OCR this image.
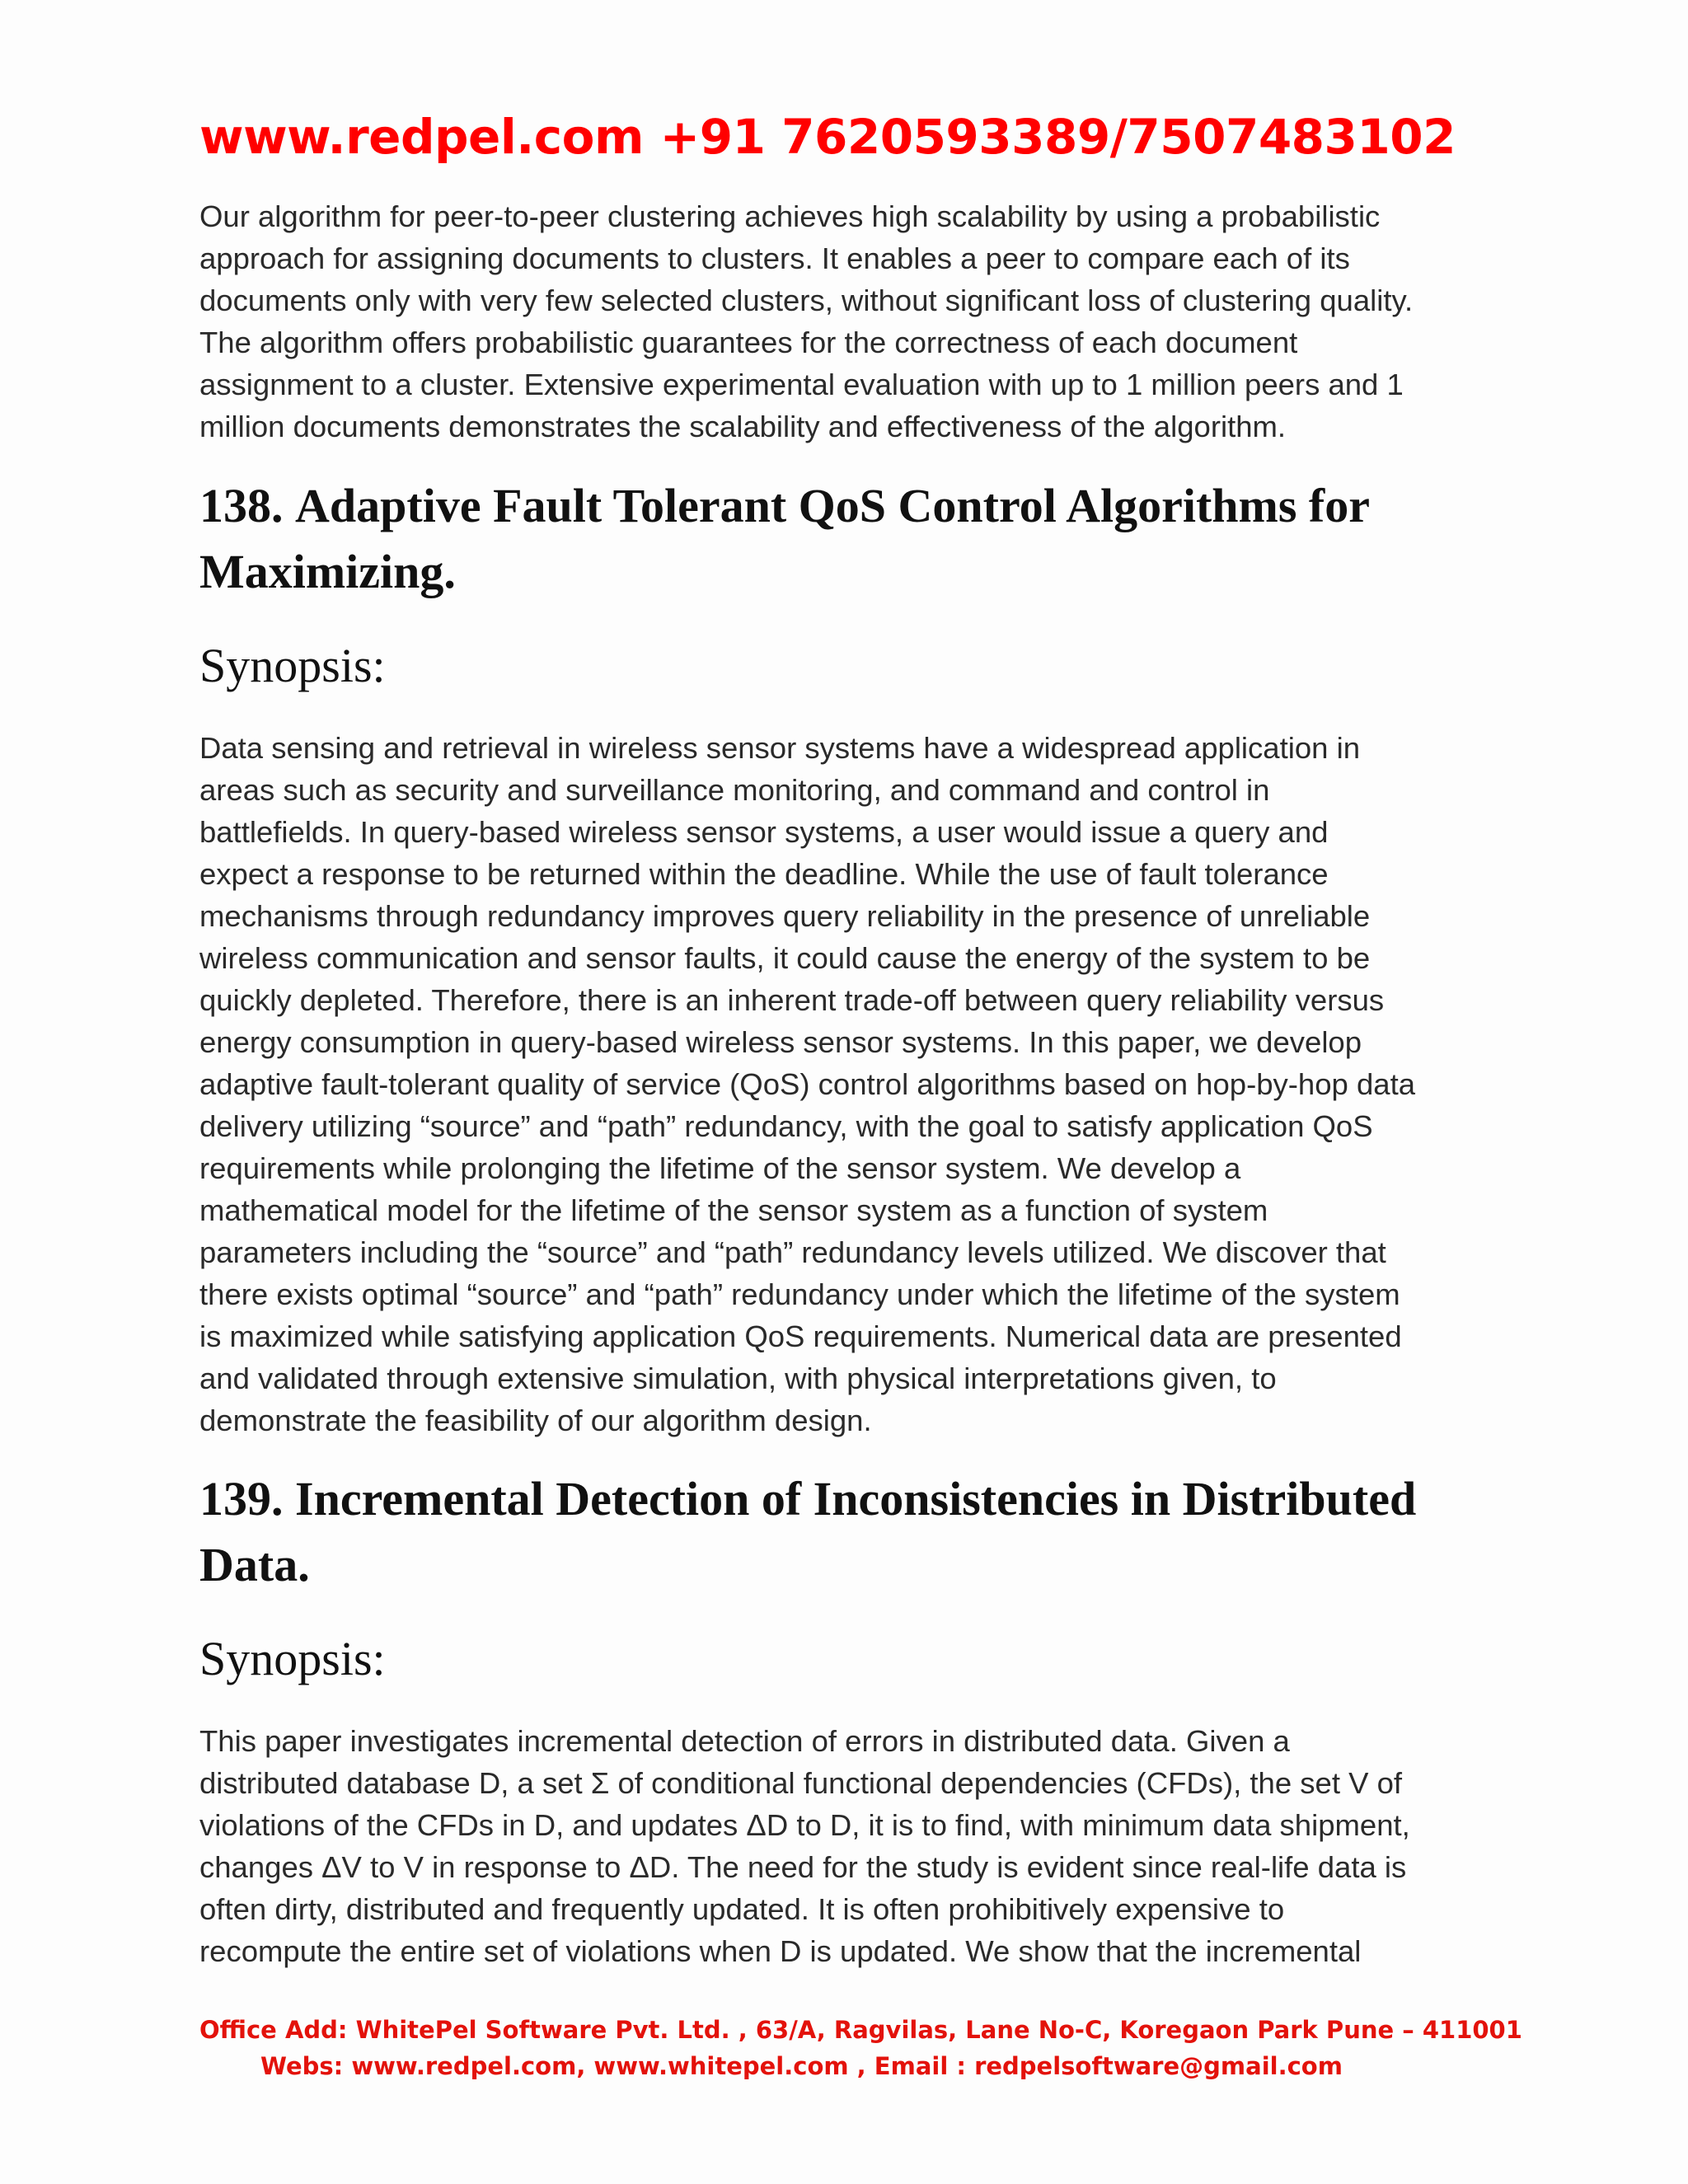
www.redpel.com +91 7620593389/7507483102
Our algorithm for peer-to-peer clustering achieves high scalability by using a probabilistic
approach for assigning documents to clusters. It enables a peer to compare each of its
documents only with very few selected clusters, without significant loss of clustering quality.
The algorithm offers probabilistic guarantees for the correctness of each document
assignment to a cluster. Extensive experimental evaluation with up to 1 million peers and 1
million documents demonstrates the scalability and effectiveness of the algorithm.
138. Adaptive Fault Tolerant QoS Control Algorithms for
Maximizing.
Synopsis:
Data sensing and retrieval in wireless sensor systems have a widespread application in
areas such as security and surveillance monitoring, and command and control in
battlefields. In query-based wireless sensor systems, a user would issue a query and
expect a response to be returned within the deadline. While the use of fault tolerance
mechanisms through redundancy improves query reliability in the presence of unreliable
wireless communication and sensor faults, it could cause the energy of the system to be
quickly depleted. Therefore, there is an inherent trade-off between query reliability versus
energy consumption in query-based wireless sensor systems. In this paper, we develop
adaptive fault-tolerant quality of service (QoS) control algorithms based on hop-by-hop data
delivery utilizing “source” and “path” redundancy, with the goal to satisfy application QoS
requirements while prolonging the lifetime of the sensor system. We develop a
mathematical model for the lifetime of the sensor system as a function of system
parameters including the “source” and “path” redundancy levels utilized. We discover that
there exists optimal “source” and “path” redundancy under which the lifetime of the system
is maximized while satisfying application QoS requirements. Numerical data are presented
and validated through extensive simulation, with physical interpretations given, to
demonstrate the feasibility of our algorithm design.
139. Incremental Detection of Inconsistencies in Distributed
Data.
Synopsis:
This paper investigates incremental detection of errors in distributed data. Given a
distributed database D, a set Σ of conditional functional dependencies (CFDs), the set V of
violations of the CFDs in D, and updates ΔD to D, it is to find, with minimum data shipment,
changes ΔV to V in response to ΔD. The need for the study is evident since real-life data is
often dirty, distributed and frequently updated. It is often prohibitively expensive to
recompute the entire set of violations when D is updated. We show that the incremental
Office Add: WhitePel Software Pvt. Ltd. , 63/A, Ragvilas, Lane No-C, Koregaon Park Pune – 411001
Webs: www.redpel.com, www.whitepel.com , Email : redpelsoftware@gmail.com
